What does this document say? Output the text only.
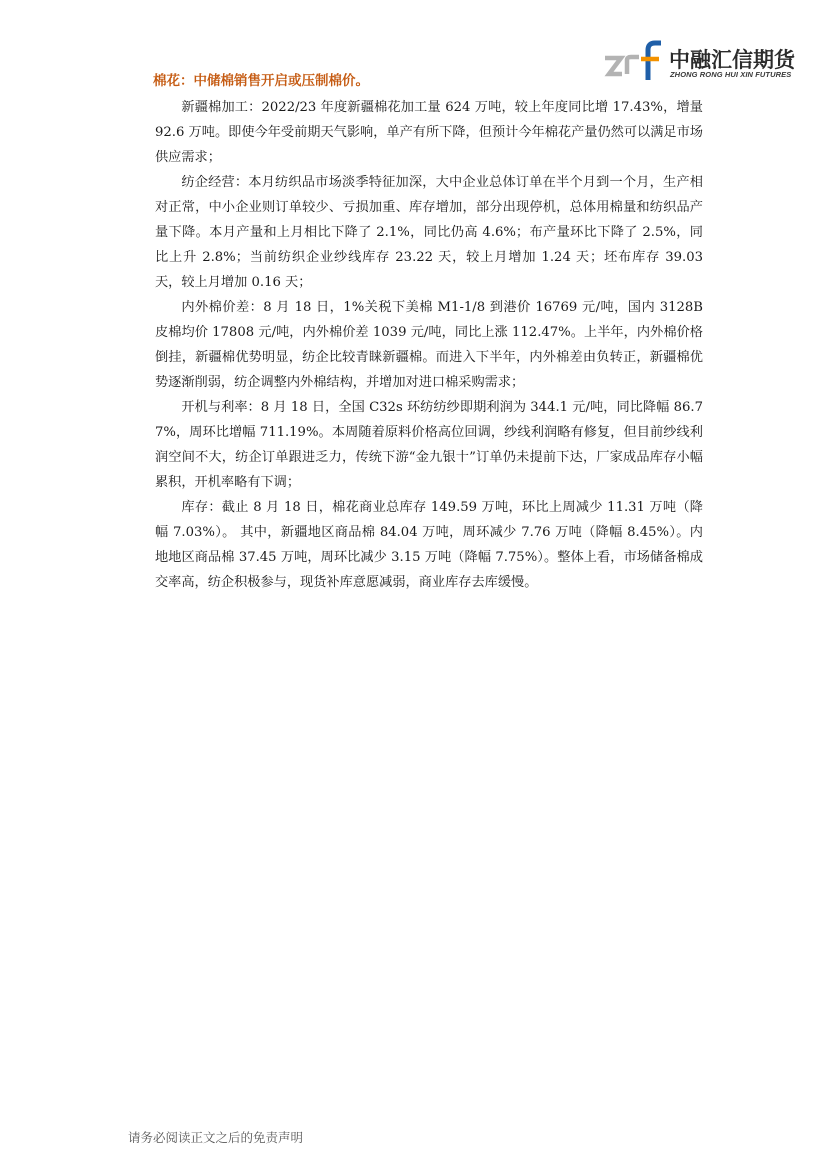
中融汇信期货
ZHONG RONG HUI XIN FUTURES
棉花：中储棉销售开启或压制棉价。

新疆棉加工：2022/23 年度新疆棉花加工量 624 万吨，较上年度同比增 17.43%，增量 92.6 万吨。即使今年受前期天气影响，单产有所下降，但预计今年棉花产量仍然可以满足市场供应需求；

纺企经营：本月纺织品市场淡季特征加深，大中企业总体订单在半个月到一个月，生产相对正常，中小企业则订单较少、亏损加重、库存增加，部分出现停机，总体用棉量和纺织品产量下降。本月产量和上月相比下降了 2.1%，同比仍高 4.6%；布产量环比下降了 2.5%，同比上升 2.8%；当前纺织企业纱线库存 23.22 天，较上月增加 1.24 天；坯布库存 39.03 天，较上月增加 0.16 天；

内外棉价差：8 月 18 日，1%关税下美棉 M1-1/8 到港价 16769 元/吨，国内 3128B 皮棉均价 17808 元/吨，内外棉价差 1039 元/吨，同比上涨 112.47%。上半年，内外棉价格倒挂，新疆棉优势明显，纺企比较青睐新疆棉。而进入下半年，内外棉差由负转正，新疆棉优势逐渐削弱，纺企调整内外棉结构，并增加对进口棉采购需求；

开机与利率：8 月 18 日，全国 C32s 环纺纺纱即期利润为 344.1 元/吨，同比降幅 86.77%，周环比增幅 711.19%。本周随着原料价格高位回调，纱线利润略有修复，但目前纱线利润空间不大，纺企订单跟进乏力，传统下游“金九银十”订单仍未提前下达，厂家成品库存小幅累积，开机率略有下调；

库存：截止 8 月 18 日，棉花商业总库存 149.59 万吨，环比上周减少 11.31 万吨（降幅 7.03%）。 其中，新疆地区商品棉 84.04 万吨，周环减少 7.76 万吨（降幅 8.45%）。内地地区商品棉 37.45 万吨，周环比减少 3.15 万吨（降幅 7.75%）。整体上看，市场储备棉成交率高，纺企积极参与，现货补库意愿减弱，商业库存去库缓慢。

请务必阅读正文之后的免责声明
